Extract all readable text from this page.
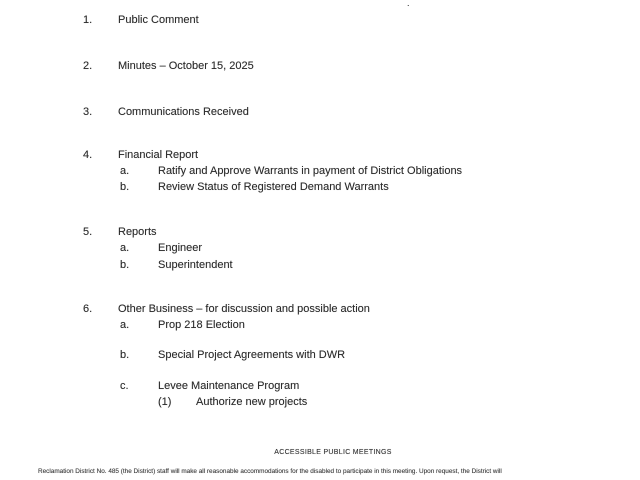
.
1. Public Comment
2. Minutes – October 15, 2025
3. Communications Received
4. Financial Report
a.	Ratify and Approve Warrants in payment of District Obligations
b.	Review Status of Registered Demand Warrants
5. Reports
a.	Engineer
b.	Superintendent
6. Other Business – for discussion and possible action
a.	Prop 218 Election
b.	Special Project Agreements with DWR
c.	Levee Maintenance Program
(1) Authorize new projects
ACCESSIBLE PUBLIC MEETINGS
Reclamation District No. 485 (the District) staff will make all reasonable accommodations for the disabled to participate in this meeting. Upon request, the District will
